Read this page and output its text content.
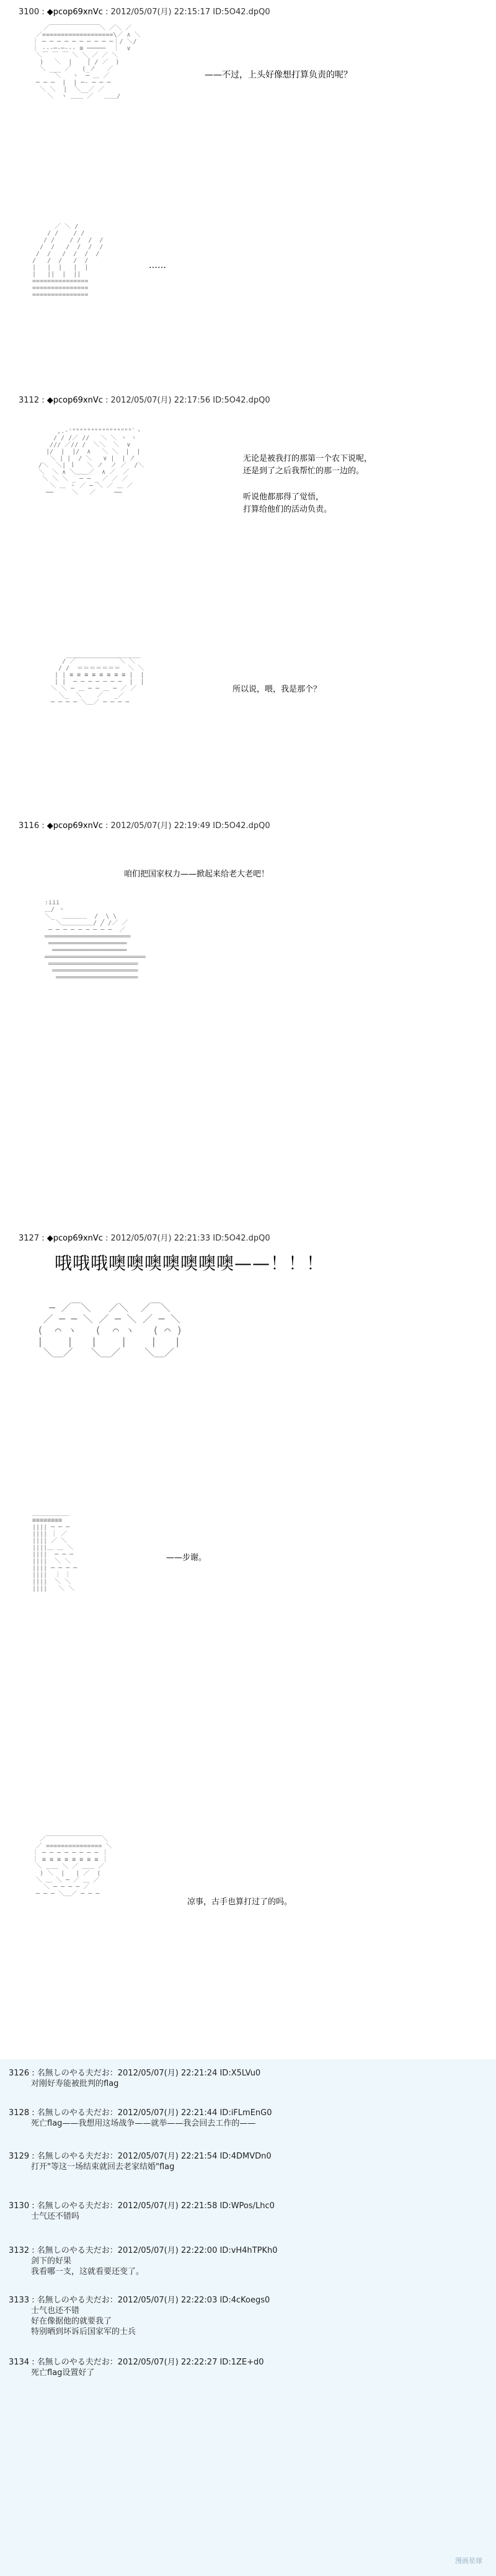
3100 : ◆pcop69xnVc : 2012/05/07(月) 22:15:17 ID:5O42.dpQ0
／￣￣￣￣￣￣￣￣＼ ／＼ ／
／===================\／ ∧ ＼
｜ ─ ─ ─ ─ ─ ─ ─ ─ ─ ─｜/ ＼/
｜ ---─-─--- ≡ ─────  ｜  ∨
＼￣ ￣ ￣ ＼ ＼ ／ ／ ＼
)   ＼  |    │ / ／  )
＼ ___ ／   (_ノ   ／
＼   ヽ  ─ ＿ ／
─ ─ ─  |  | ─- ─ ─ ─
＼ ＼  |  ＼__／ ／
＼  ヽ ＿＿ ／   ＿＿/
——不过，上头好像想打算负责的呢？
／ ＼ /
/ /    / /
/ /    / /  /  /
/  /   /  /  /  /
/  /   /  /  /  /
/   /  /   /  /
|   |  |   |  |
|   ||  |  ||
===============
===============
===============
……
3112 : ◆pcop69xnVc : 2012/05/07(月) 22:17:56 ID:5O42.dpQ0
,.-'""""""""""""""""`ヽ
/ / /／ //   ＼ ＼ ヽ ヽ
/// ／// /  ＼＼  ＼  ∨
|/  |  |/  ∧   ＼ ＼  |  |
＼ | |  / ＼   ∨ |  | ノ
/＼  ＼| ｌ   ＼ ノ  ノ ／  /＼
＼  ＼ ∧ ＼＿＿／  ∧ ／  ／
＼ ＼ ＼ _ ─ ─ _ ／ ／ ／
＼ ＿ ヽ ／ ─ ＼ ／ ＿ ／
──     ＼   ／     ──
无论是被我打的那第一个农下说呢，
还是到了之后我帮忙的那一边的。
听说他都那得了觉悟，
打算给他们的活动负责。
____________________
/ ／￣￣￣￣￣￣￣＼ ＼
/ /  ＝＝＝＝＝＝＝  ＼ ＼
| | ≡ ≡ ≡ ≡ ≡ ≡ ≡ ≡ |  |
| |  ─ ─ ─ ─ ─ ─ ─  |  |
＼ ＼ ─ ＿ ─ ─ ＿ ─ ／ ／
＼_  ＼    ／   _／
─ ─ ─ ─ ＼＿／ ─ ─ ─ ─
所以说，喂，我是那个？
3116 : ◆pcop69xnVc : 2012/05/07(月) 22:19:49 ID:5O42.dpQ0
咱们把国家权力——掀起来给老大老吧！
:iii
＿/ ヽ
＼_  ＿＿＿＿  /  \ \
＼＿＿＿＿＿/ ╱ /／ ／
─ ─ ─ ─ ─ ─ ─ ─ ─  ／
═══════════════════════
═════════════════════
════════════════════
═══════════════════════════
════════════════════════
═══════════════════════
══════════════════════
3127 : ◆pcop69xnVc : 2012/05/07(月) 22:21:33 ID:5O42.dpQ0
哦哦哦噢噢噢噢噢噢噢——！！！
─ ／￣＼   ／＼  ／￣＼
／ ─ ─ ＼ ／ ─ ＼ ／ ─ ＼
(  ⌒ ヽ   (  ⌒ ヽ   ( ⌒ )
|    |   |    |    |   |
＼＿／   ＼＿／    ＼＿／
＿＿＿＿＿＿
≡≡≡≡≡≡≡≡
|||| ─ ─ ─
|||| ｜ ／
|||| ／ ＼
||||＿ ＿ ＼
||||  ─ ─ ─
||||  ＼ ＼
|||| ─ ─ ─ ─
||||  ｜ ｜
||||  ＼ ＼
||||   ＼ ＼
——步谢。
／￣￣￣￣￣￣￣￣￣＼
／ =============== ＼
｜ ─ ─ ─ ─ ─ ─ ─ ─ ｜
｜ ≡ ≡ ≡ ≡ ≡ ≡ ≡ ≡ ｜
＼ ＿＿ ＼ ／ ＿＿ ／
) ＼  |   | ／  (
＼ ＿ ＼ ─ ／ ＿ ／
＼ ─ ─ ─ ─ ／
─ ─ ─ ＼＿／ ─ ─ ─
凉事，古手也算打过了的吗。
3126 : 名無しのやる夫だお：2012/05/07(月) 22:21:24 ID:X5LVu0
对刚好寿能被批判的flag
3128 : 名無しのやる夫だお：2012/05/07(月) 22:21:44 ID:iFLmEnG0
死亡flag——我想用这场战争——就举——我会回去工作的——
3129 : 名無しのやる夫だお：2012/05/07(月) 22:21:54 ID:4DMVDn0
打开"等这一场结束就回去老家结婚"flag
3130 : 名無しのやる夫だお：2012/05/07(月) 22:21:58 ID:WPos/Lhc0
士气还不错吗
3132 : 名無しのやる夫だお：2012/05/07(月) 22:22:00 ID:vH4hTPKh0
剑下的好果
我看哪一支，这就看要还变了。
3133 : 名無しのやる夫だお：2012/05/07(月) 22:22:03 ID:4cKoegs0
士气也还不错
好在像据他的就要我了
特别晒到坏诉后国家军的士兵
3134 : 名無しのやる夫だお：2012/05/07(月) 22:22:27 ID:1ZE+d0
死亡flag设置好了
漫画星球
